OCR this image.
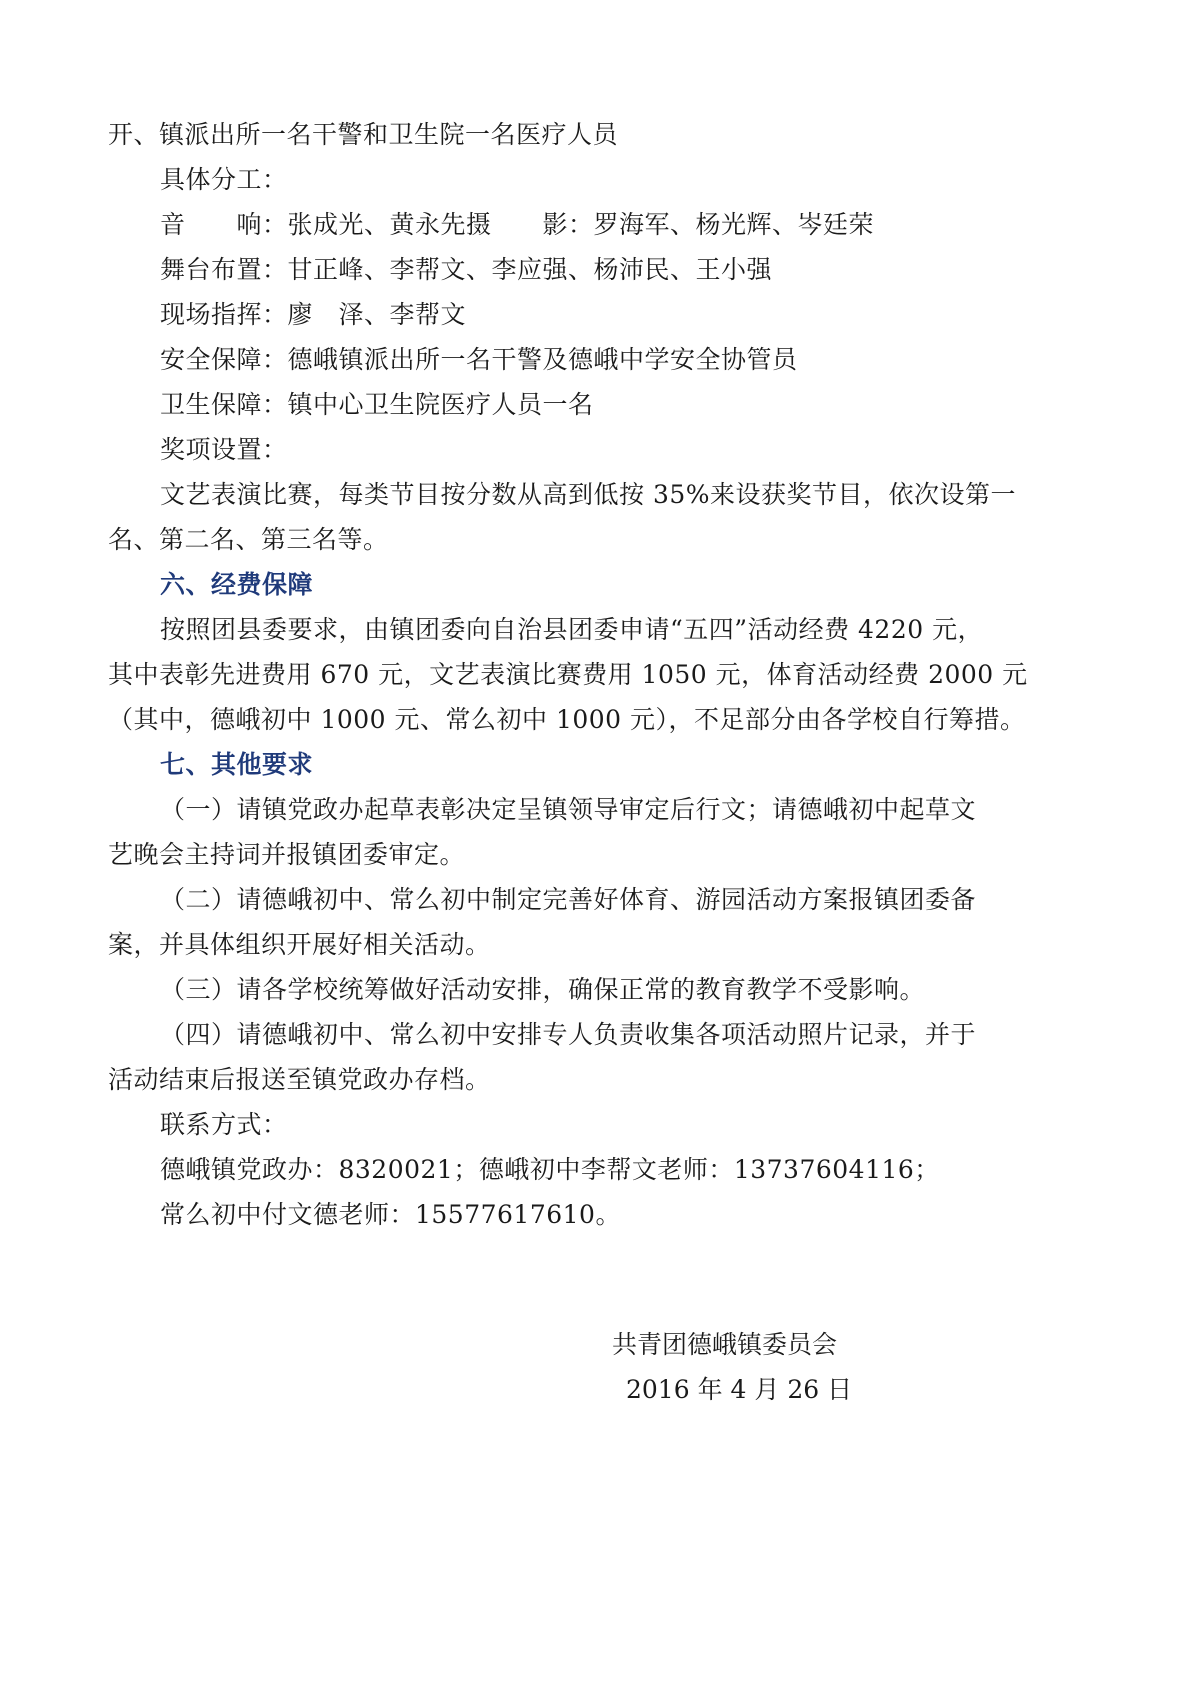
开、镇派出所一名干警和卫生院一名医疗人员
具体分工：
音　　响：张成光、黄永先摄　　影：罗海军、杨光辉、岑廷荣
舞台布置：甘正峰、李帮文、李应强、杨沛民、王小强
现场指挥：廖　泽、李帮文
安全保障：德峨镇派出所一名干警及德峨中学安全协管员
卫生保障：镇中心卫生院医疗人员一名
奖项设置：
文艺表演比赛，每类节目按分数从高到低按 35%来设获奖节目，依次设第一
名、第二名、第三名等。
六、经费保障
按照团县委要求，由镇团委向自治县团委申请“五四”活动经费 4220 元，
其中表彰先进费用 670 元，文艺表演比赛费用 1050 元，体育活动经费 2000 元
（其中，德峨初中 1000 元、常么初中 1000 元），不足部分由各学校自行筹措。
七、其他要求
（一）请镇党政办起草表彰决定呈镇领导审定后行文；请德峨初中起草文
艺晚会主持词并报镇团委审定。
（二）请德峨初中、常么初中制定完善好体育、游园活动方案报镇团委备
案，并具体组织开展好相关活动。
（三）请各学校统筹做好活动安排，确保正常的教育教学不受影响。
（四）请德峨初中、常么初中安排专人负责收集各项活动照片记录，并于
活动结束后报送至镇党政办存档。
联系方式：
德峨镇党政办：8320021；德峨初中李帮文老师：13737604116；
常么初中付文德老师：15577617610。
共青团德峨镇委员会
2016 年 4 月 26 日
